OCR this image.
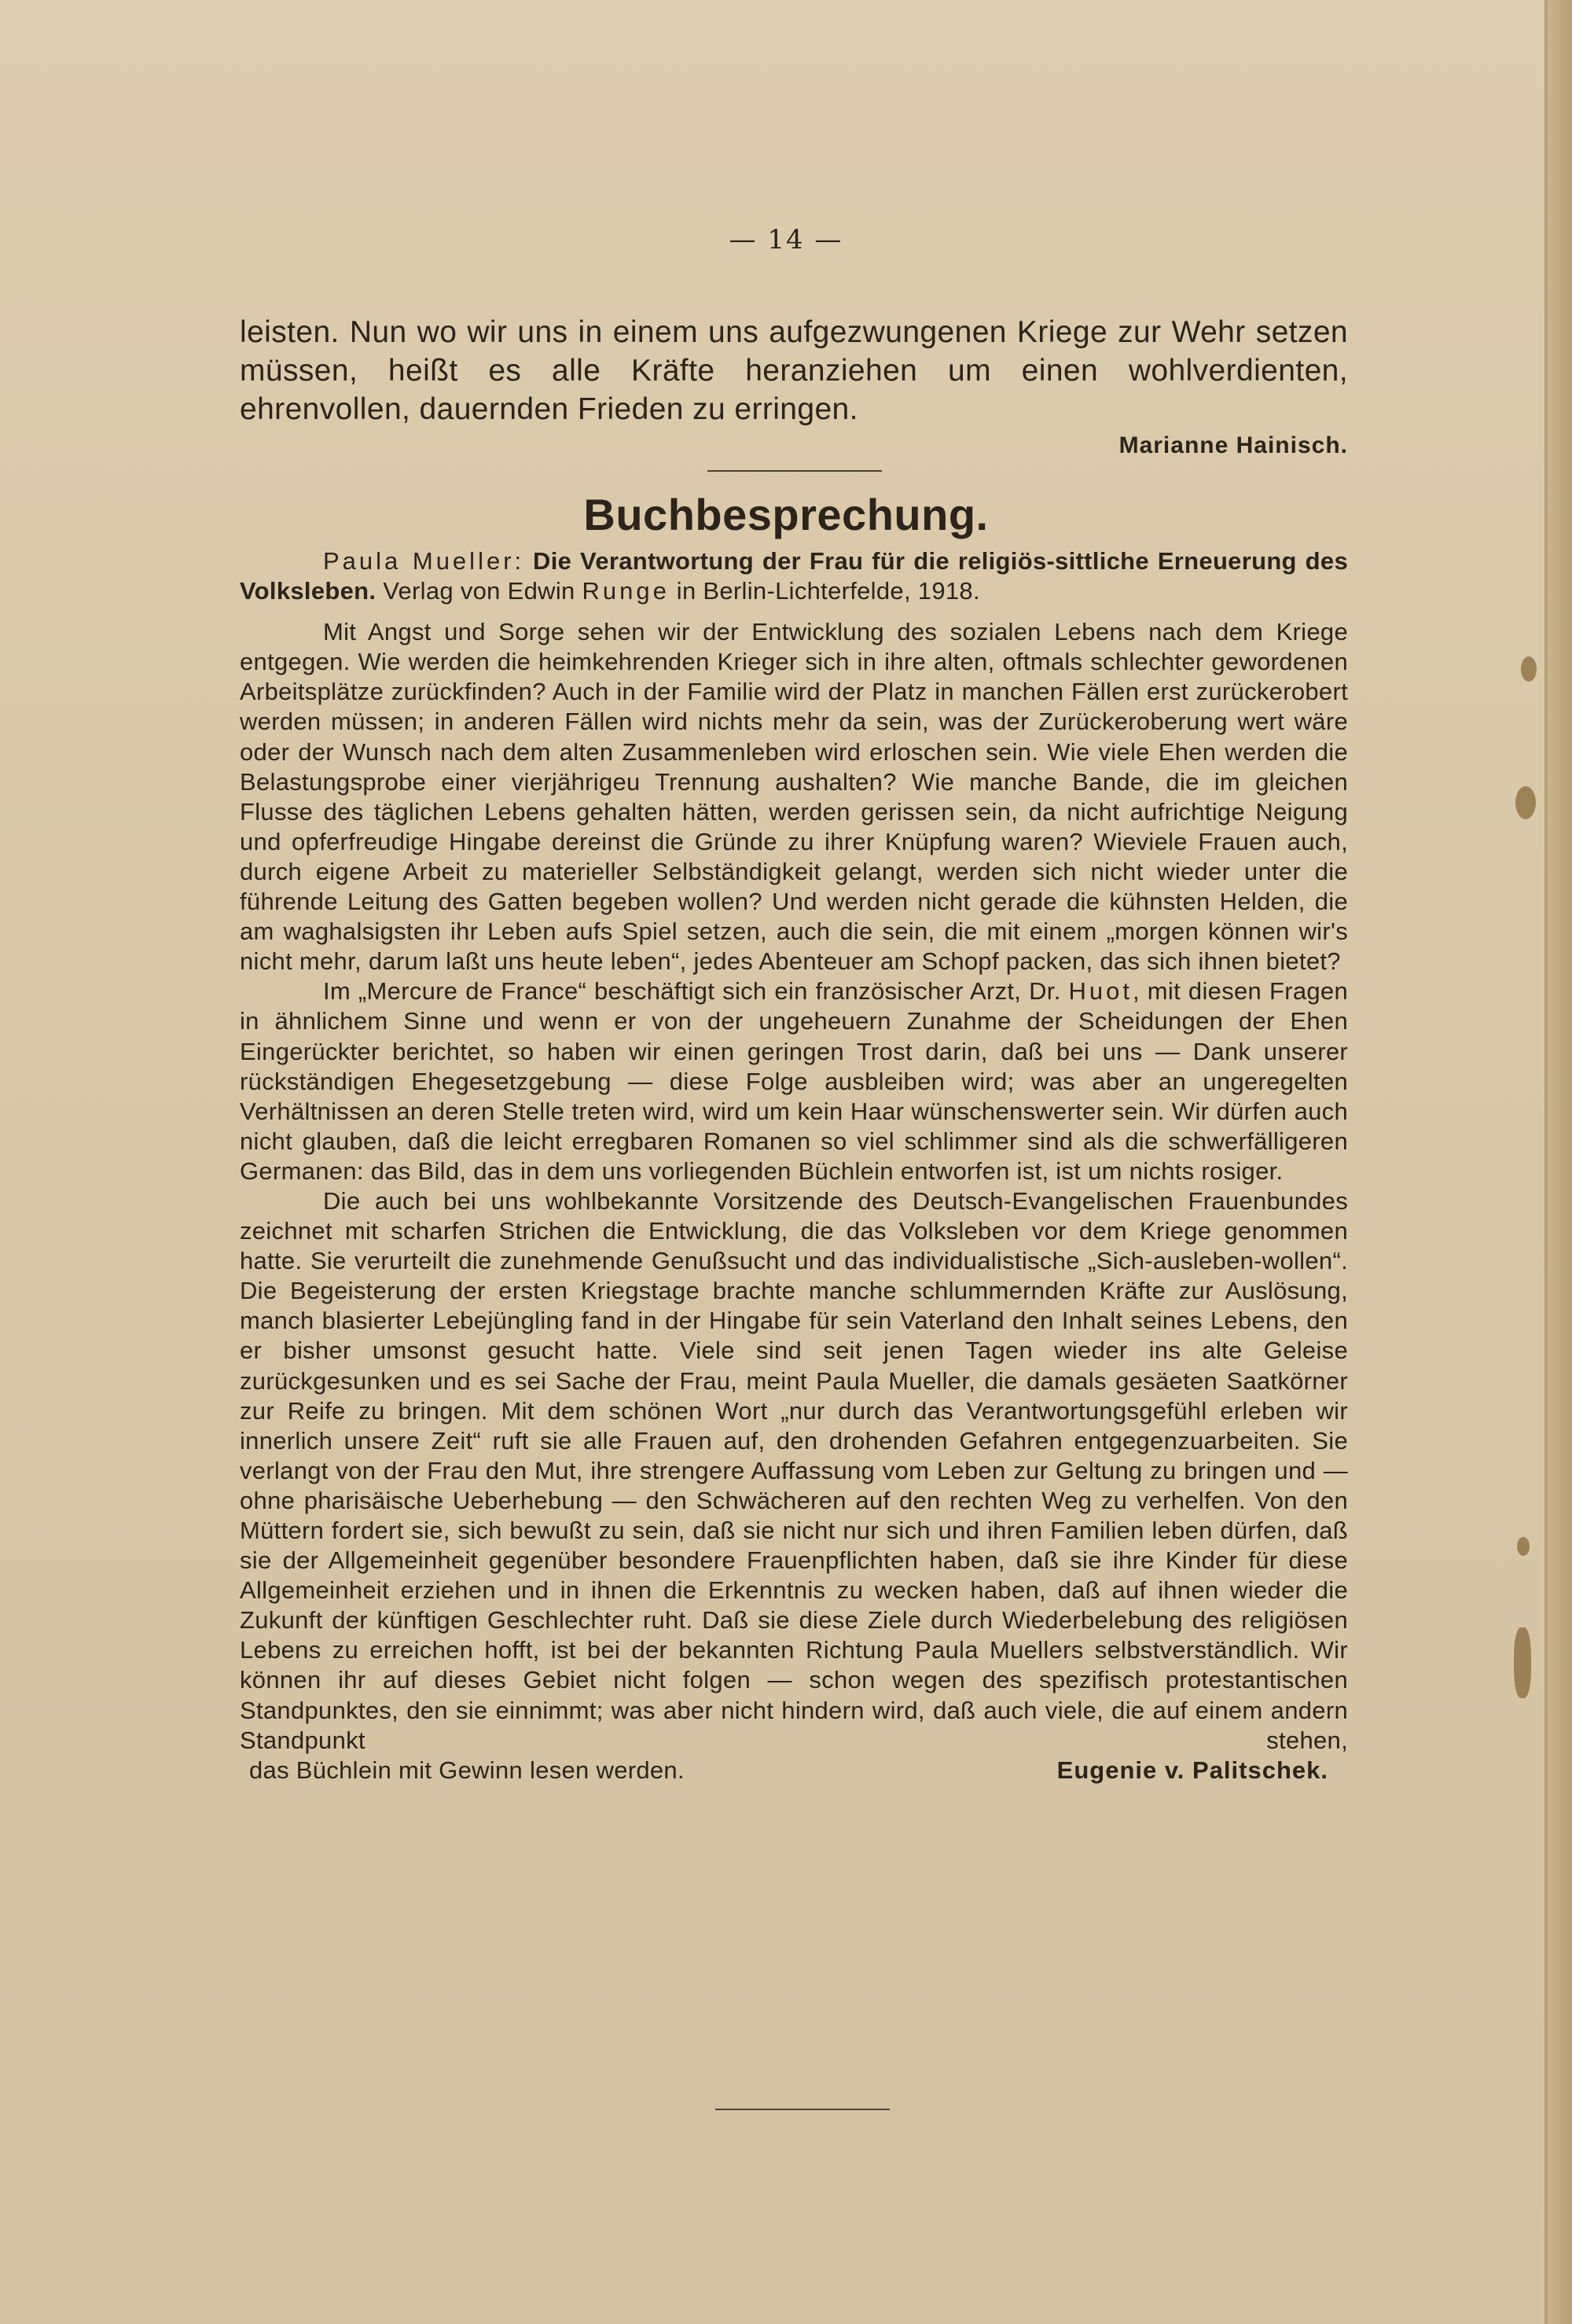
— 14 —
leisten. Nun wo wir uns in einem uns aufgezwungenen Kriege zur Wehr setzen müssen, heißt es alle Kräfte heranziehen um einen wohlverdienten, ehrenvollen, dauernden Frieden zu erringen.
Marianne Hainisch.
Buchbesprechung.

Paula Mueller: Die Verantwortung der Frau für die religiös-sittliche Erneuerung des Volksleben. Verlag von Edwin Runge in Berlin-Lichterfelde, 1918.

Mit Angst und Sorge sehen wir der Entwicklung des sozialen Lebens nach dem Kriege entgegen. Wie werden die heimkehrenden Krieger sich in ihre alten, oftmals schlechter gewordenen Arbeitsplätze zurückfinden? Auch in der Familie wird der Platz in manchen Fällen erst zurückerobert werden müssen; in anderen Fällen wird nichts mehr da sein, was der Zurückeroberung wert wäre oder der Wunsch nach dem alten Zusammenleben wird erloschen sein. Wie viele Ehen werden die Belastungsprobe einer vierjährigeu Trennung aushalten? Wie manche Bande, die im gleichen Flusse des täglichen Lebens gehalten hätten, werden gerissen sein, da nicht aufrichtige Neigung und opferfreudige Hingabe dereinst die Gründe zu ihrer Knüpfung waren? Wieviele Frauen auch, durch eigene Arbeit zu materieller Selbständigkeit gelangt, werden sich nicht wieder unter die führende Leitung des Gatten begeben wollen? Und werden nicht gerade die kühnsten Helden, die am waghalsigsten ihr Leben aufs Spiel setzen, auch die sein, die mit einem „morgen können wir's nicht mehr, darum laßt uns heute leben“, jedes Abenteuer am Schopf packen, das sich ihnen bietet?

Im „Mercure de France“ beschäftigt sich ein französischer Arzt, Dr. Huot, mit diesen Fragen in ähnlichem Sinne und wenn er von der ungeheuern Zunahme der Scheidungen der Ehen Eingerückter berichtet, so haben wir einen geringen Trost darin, daß bei uns — Dank unserer rückständigen Ehegesetzgebung — diese Folge ausbleiben wird; was aber an ungeregelten Verhältnissen an deren Stelle treten wird, wird um kein Haar wünschenswerter sein. Wir dürfen auch nicht glauben, daß die leicht erregbaren Romanen so viel schlimmer sind als die schwerfälligeren Germanen: das Bild, das in dem uns vorliegenden Büchlein entworfen ist, ist um nichts rosiger.

Die auch bei uns wohlbekannte Vorsitzende des Deutsch-Evangelischen Frauenbundes zeichnet mit scharfen Strichen die Entwicklung, die das Volksleben vor dem Kriege genommen hatte. Sie verurteilt die zunehmende Genußsucht und das individualistische „Sich-ausleben-wollen“. Die Begeisterung der ersten Kriegstage brachte manche schlummernden Kräfte zur Auslösung, manch blasierter Lebejüngling fand in der Hingabe für sein Vaterland den Inhalt seines Lebens, den er bisher umsonst gesucht hatte. Viele sind seit jenen Tagen wieder ins alte Geleise zurückgesunken und es sei Sache der Frau, meint Paula Mueller, die damals gesäeten Saatkörner zur Reife zu bringen. Mit dem schönen Wort „nur durch das Verantwortungsgefühl erleben wir innerlich unsere Zeit“ ruft sie alle Frauen auf, den drohenden Gefahren entgegenzuarbeiten. Sie verlangt von der Frau den Mut, ihre strengere Auffassung vom Leben zur Geltung zu bringen und — ohne pharisäische Ueberhebung — den Schwächeren auf den rechten Weg zu verhelfen. Von den Müttern fordert sie, sich bewußt zu sein, daß sie nicht nur sich und ihren Familien leben dürfen, daß sie der Allgemeinheit gegenüber besondere Frauenpflichten haben, daß sie ihre Kinder für diese Allgemeinheit erziehen und in ihnen die Erkenntnis zu wecken haben, daß auf ihnen wieder die Zukunft der künftigen Geschlechter ruht. Daß sie diese Ziele durch Wiederbelebung des religiösen Lebens zu erreichen hofft, ist bei der bekannten Richtung Paula Muellers selbstverständlich. Wir können ihr auf dieses Gebiet nicht folgen — schon wegen des spezifisch protestantischen Standpunktes, den sie einnimmt; was aber nicht hindern wird, daß auch viele, die auf einem andern Standpunkt stehen,

das Büchlein mit Gewinn lesen werden.	Eugenie v. Palitschek.
